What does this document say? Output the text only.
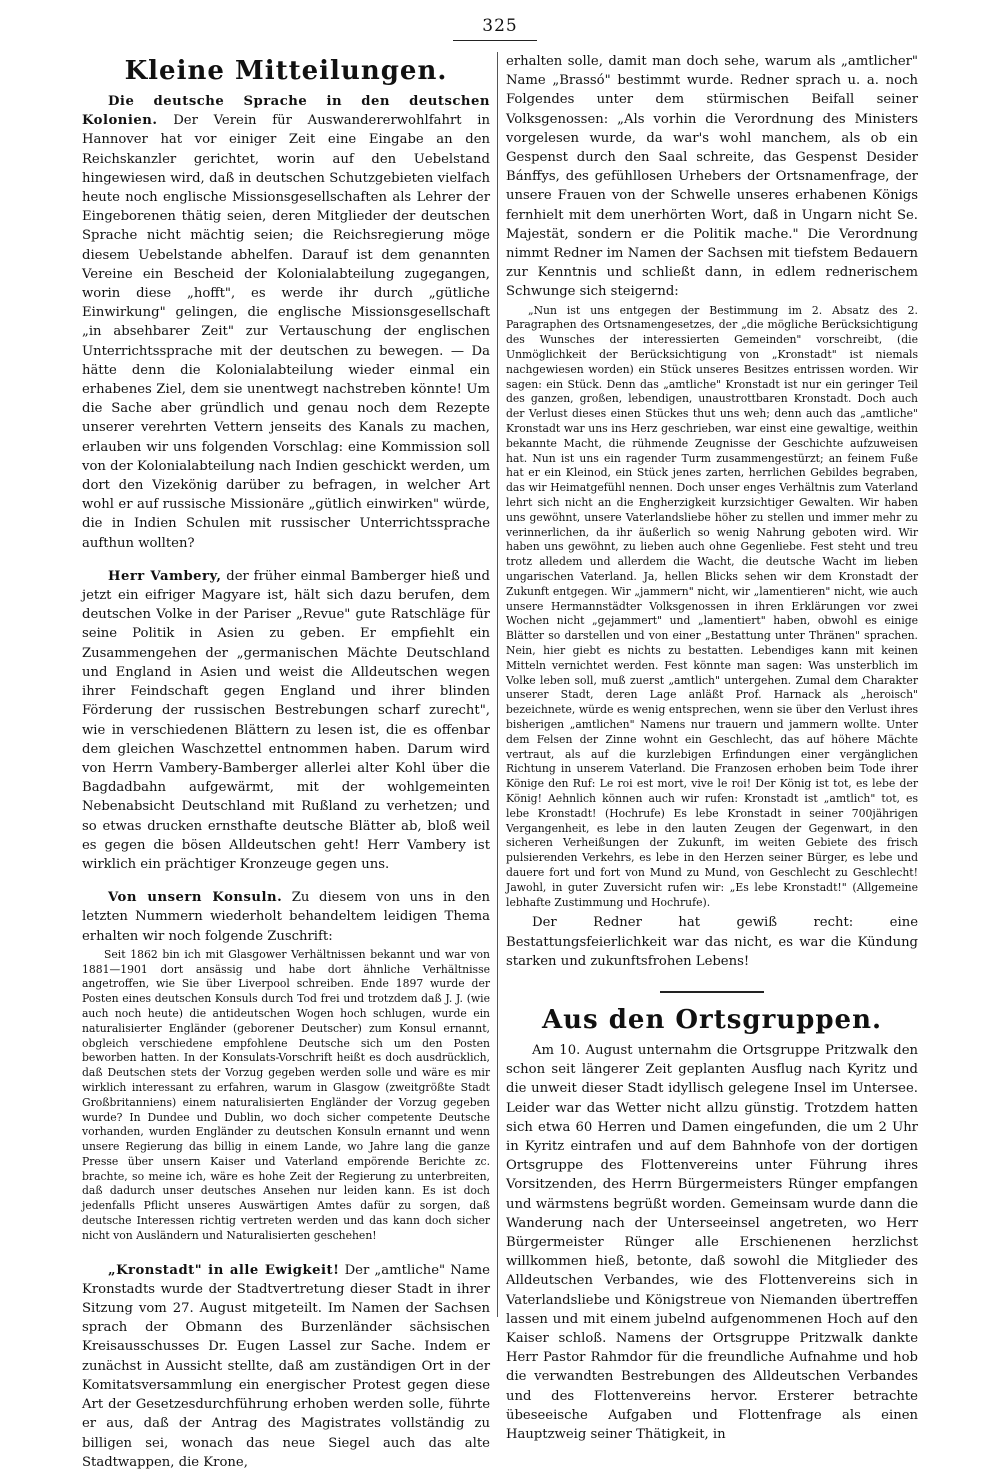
325
Kleine Mitteilungen.

Die deutsche Sprache in den deutschen Kolonien. Der Verein für Auswandererwohlfahrt in Hannover hat vor einiger Zeit eine Eingabe an den Reichskanzler gerichtet, worin auf den Uebelstand hingewiesen wird, daß in deutschen Schutzgebieten vielfach heute noch englische Missionsgesellschaften als Lehrer der Eingeborenen thätig seien, deren Mitglieder der deutschen Sprache nicht mächtig seien; die Reichsregierung möge diesem Uebelstande abhelfen. Darauf ist dem genannten Vereine ein Bescheid der Kolonialabteilung zugegangen, worin diese „hofft", es werde ihr durch „gütliche Einwirkung" gelingen, die englische Missionsgesellschaft „in absehbarer Zeit" zur Vertauschung der englischen Unterrichtssprache mit der deutschen zu bewegen. — Da hätte denn die Kolonialabteilung wieder einmal ein erhabenes Ziel, dem sie unentwegt nachstreben könnte! Um die Sache aber gründlich und genau noch dem Rezepte unserer verehrten Vettern jenseits des Kanals zu machen, erlauben wir uns folgenden Vorschlag: eine Kommission soll von der Kolonialabteilung nach Indien geschickt werden, um dort den Vizekönig darüber zu befragen, in welcher Art wohl er auf russische Missionäre „gütlich einwirken" würde, die in Indien Schulen mit russischer Unterrichtssprache aufthun wollten?

Herr Vambery, der früher einmal Bamberger hieß und jetzt ein eifriger Magyare ist, hält sich dazu berufen, dem deutschen Volke in der Pariser „Revue" gute Ratschläge für seine Politik in Asien zu geben. Er empfiehlt ein Zusammengehen der „germanischen Mächte Deutschland und England in Asien und weist die Alldeutschen wegen ihrer Feindschaft gegen England und ihrer blinden Förderung der russischen Bestrebungen scharf zurecht", wie in verschiedenen Blättern zu lesen ist, die es offenbar dem gleichen Waschzettel entnommen haben. Darum wird von Herrn Vambery-Bamberger allerlei alter Kohl über die Bagdadbahn aufgewärmt, mit der wohlgemeinten Nebenabsicht Deutschland mit Rußland zu verhetzen; und so etwas drucken ernsthafte deutsche Blätter ab, bloß weil es gegen die bösen Alldeutschen geht! Herr Vambery ist wirklich ein prächtiger Kronzeuge gegen uns.

Von unsern Konsuln. Zu diesem von uns in den letzten Nummern wiederholt behandeltem leidigen Thema erhalten wir noch folgende Zuschrift:

Seit 1862 bin ich mit Glasgower Verhältnissen bekannt und war von 1881—1901 dort ansässig und habe dort ähnliche Verhältnisse angetroffen, wie Sie über Liverpool schreiben. Ende 1897 wurde der Posten eines deutschen Konsuls durch Tod frei und trotzdem daß J. J. (wie auch noch heute) die antideutschen Wogen hoch schlugen, wurde ein naturalisierter Engländer (geborener Deutscher) zum Konsul ernannt, obgleich verschiedene empfohlene Deutsche sich um den Posten beworben hatten. In der Konsulats-Vorschrift heißt es doch ausdrücklich, daß Deutschen stets der Vorzug gegeben werden solle und wäre es mir wirklich interessant zu erfahren, warum in Glasgow (zweitgrößte Stadt Großbritanniens) einem naturalisierten Engländer der Vorzug gegeben wurde? In Dundee und Dublin, wo doch sicher competente Deutsche vorhanden, wurden Engländer zu deutschen Konsuln ernannt und wenn unsere Regierung das billig in einem Lande, wo Jahre lang die ganze Presse über unsern Kaiser und Vaterland empörende Berichte zc. brachte, so meine ich, wäre es hohe Zeit der Regierung zu unterbreiten, daß dadurch unser deutsches Ansehen nur leiden kann. Es ist doch jedenfalls Pflicht unseres Auswärtigen Amtes dafür zu sorgen, daß deutsche Interessen richtig vertreten werden und das kann doch sicher nicht von Ausländern und Naturalisierten geschehen!

„Kronstadt" in alle Ewigkeit! Der „amtliche" Name Kronstadts wurde der Stadtvertretung dieser Stadt in ihrer Sitzung vom 27. August mitgeteilt. Im Namen der Sachsen sprach der Obmann des Burzenländer sächsischen Kreisausschusses Dr. Eugen Lassel zur Sache. Indem er zunächst in Aussicht stellte, daß am zuständigen Ort in der Komitatsversammlung ein energischer Protest gegen diese Art der Gesetzesdurchführung erhoben werden solle, führte er aus, daß der Antrag des Magistrates vollständig zu billigen sei, wonach das neue Siegel auch das alte Stadtwappen, die Krone,

erhalten solle, damit man doch sehe, warum als „amtlicher" Name „Brassó" bestimmt wurde. Redner sprach u. a. noch Folgendes unter dem stürmischen Beifall seiner Volksgenossen: „Als vorhin die Verordnung des Ministers vorgelesen wurde, da war's wohl manchem, als ob ein Gespenst durch den Saal schreite, das Gespenst Desider Bánffys, des gefühllosen Urhebers der Ortsnamenfrage, der unsere Frauen von der Schwelle unseres erhabenen Königs fernhielt mit dem unerhörten Wort, daß in Ungarn nicht Se. Majestät, sondern er die Politik mache." Die Verordnung nimmt Redner im Namen der Sachsen mit tiefstem Bedauern zur Kenntnis und schließt dann, in edlem rednerischem Schwunge sich steigernd:

„Nun ist uns entgegen der Bestimmung im 2. Absatz des 2. Paragraphen des Ortsnamengesetzes, der „die mögliche Berücksichtigung des Wunsches der interessierten Gemeinden" vorschreibt, (die Unmöglichkeit der Berücksichtigung von „Kronstadt" ist niemals nachgewiesen worden) ein Stück unseres Besitzes entrissen worden. Wir sagen: ein Stück. Denn das „amtliche" Kronstadt ist nur ein geringer Teil des ganzen, großen, lebendigen, unaustrottbaren Kronstadt. Doch auch der Verlust dieses einen Stückes thut uns weh; denn auch das „amtliche" Kronstadt war uns ins Herz geschrieben, war einst eine gewaltige, weithin bekannte Macht, die rühmende Zeugnisse der Geschichte aufzuweisen hat. Nun ist uns ein ragender Turm zusammengestürzt; an feinem Fuße hat er ein Kleinod, ein Stück jenes zarten, herrlichen Gebildes begraben, das wir Heimatgefühl nennen. Doch unser enges Verhältnis zum Vaterland lehrt sich nicht an die Engherzigkeit kurzsichtiger Gewalten. Wir haben uns gewöhnt, unsere Vaterlandsliebe höher zu stellen und immer mehr zu verinnerlichen, da ihr äußerlich so wenig Nahrung geboten wird. Wir haben uns gewöhnt, zu lieben auch ohne Gegenliebe. Fest steht und treu trotz alledem und allerdem die Wacht, die deutsche Wacht im lieben ungarischen Vaterland. Ja, hellen Blicks sehen wir dem Kronstadt der Zukunft entgegen. Wir „jammern" nicht, wir „lamentieren" nicht, wie auch unsere Hermannstädter Volksgenossen in ihren Erklärungen vor zwei Wochen nicht „gejammert" und „lamentiert" haben, obwohl es einige Blätter so darstellen und von einer „Bestattung unter Thränen" sprachen. Nein, hier giebt es nichts zu bestatten. Lebendiges kann mit keinen Mitteln vernichtet werden. Fest könnte man sagen: Was unsterblich im Volke leben soll, muß zuerst „amtlich" untergehen. Zumal dem Charakter unserer Stadt, deren Lage anläßt Prof. Harnack als „heroisch" bezeichnete, würde es wenig entsprechen, wenn sie über den Verlust ihres bisherigen „amtlichen" Namens nur trauern und jammern wollte. Unter dem Felsen der Zinne wohnt ein Geschlecht, das auf höhere Mächte vertraut, als auf die kurzlebigen Erfindungen einer vergänglichen Richtung in unserem Vaterland. Die Franzosen erhoben beim Tode ihrer Könige den Ruf: Le roi est mort, vive le roi! Der König ist tot, es lebe der König! Aehnlich können auch wir rufen: Kronstadt ist „amtlich" tot, es lebe Kronstadt! (Hochrufe) Es lebe Kronstadt in seiner 700jährigen Vergangenheit, es lebe in den lauten Zeugen der Gegenwart, in den sicheren Verheißungen der Zukunft, im weiten Gebiete des frisch pulsierenden Verkehrs, es lebe in den Herzen seiner Bürger, es lebe und dauere fort und fort von Mund zu Mund, von Geschlecht zu Geschlecht! Jawohl, in guter Zuversicht rufen wir: „Es lebe Kronstadt!" (Allgemeine lebhafte Zustimmung und Hochrufe).

Der Redner hat gewiß recht: eine Bestattungsfeierlichkeit war das nicht, es war die Kündung starken und zukunftsfrohen Lebens!

Aus den Ortsgruppen.

Am 10. August unternahm die Ortsgruppe Pritzwalk den schon seit längerer Zeit geplanten Ausflug nach Kyritz und die unweit dieser Stadt idyllisch gelegene Insel im Untersee. Leider war das Wetter nicht allzu günstig. Trotzdem hatten sich etwa 60 Herren und Damen eingefunden, die um 2 Uhr in Kyritz eintrafen und auf dem Bahnhofe von der dortigen Ortsgruppe des Flottenvereins unter Führung ihres Vorsitzenden, des Herrn Bürgermeisters Rünger empfangen und wärmstens begrüßt worden. Gemeinsam wurde dann die Wanderung nach der Unterseeinsel angetreten, wo Herr Bürgermeister Rünger alle Erschienenen herzlichst willkommen hieß, betonte, daß sowohl die Mitglieder des Alldeutschen Verbandes, wie des Flottenvereins sich in Vaterlandsliebe und Königstreue von Niemanden übertreffen lassen und mit einem jubelnd aufgenommenen Hoch auf den Kaiser schloß. Namens der Ortsgruppe Pritzwalk dankte Herr Pastor Rahmdor für die freundliche Aufnahme und hob die verwandten Bestrebungen des Alldeutschen Verbandes und des Flottenvereins hervor. Ersterer betrachte übeseeische Aufgaben und Flottenfrage als einen Hauptzweig seiner Thätigkeit, in
